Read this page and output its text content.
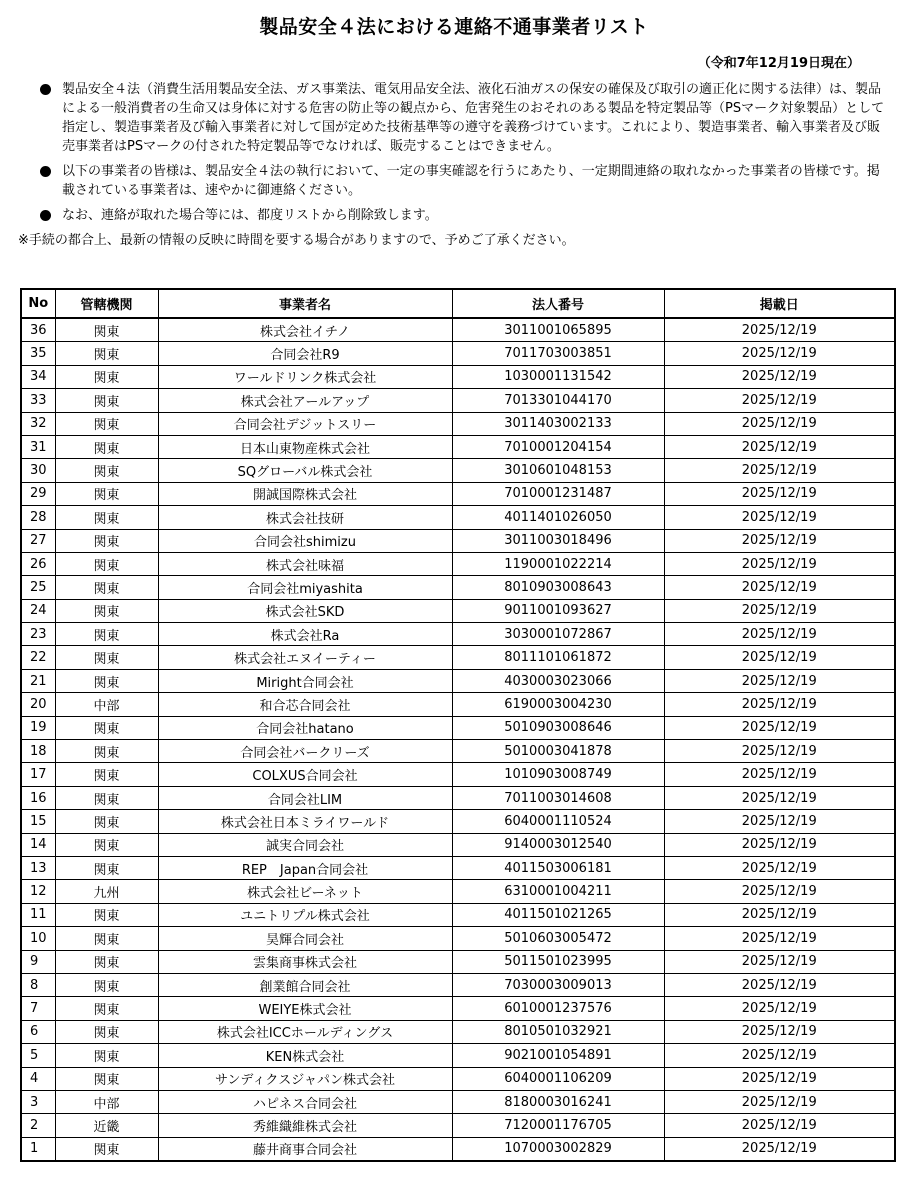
製品安全４法における連絡不通事業者リスト
（令和7年12月19日現在）

製品安全４法（消費生活用製品安全法、ガス事業法、電気用品安全法、液化石油ガスの保安の確保及び取引の適正化に関する法律）は、製品による一般消費者の生命又は身体に対する危害の防止等の観点から、危害発生のおそれのある製品を特定製品等（PSマーク対象製品）として指定し、製造事業者及び輸入事業者に対して国が定めた技術基準等の遵守を義務づけています。これにより、製造事業者、輸入事業者及び販売事業者はPSマークの付された特定製品等でなければ、販売することはできません。

以下の事業者の皆様は、製品安全４法の執行において、一定の事実確認を行うにあたり、一定期間連絡の取れなかった事業者の皆様です。掲載されている事業者は、速やかに御連絡ください。

なお、連絡が取れた場合等には、都度リストから削除致します。

※手続の都合上、最新の情報の反映に時間を要する場合がありますので、予めご了承ください。

No	管轄機関	事業者名	法人番号	掲載日
36	関東	株式会社イチノ	3011001065895	2025/12/19
35	関東	合同会社R9	7011703003851	2025/12/19
34	関東	ワールドリンク株式会社	1030001131542	2025/12/19
33	関東	株式会社アールアップ	7013301044170	2025/12/19
32	関東	合同会社デジットスリー	3011403002133	2025/12/19
31	関東	日本山東物産株式会社	7010001204154	2025/12/19
30	関東	SQグローバル株式会社	3010601048153	2025/12/19
29	関東	開誠国際株式会社	7010001231487	2025/12/19
28	関東	株式会社技研	4011401026050	2025/12/19
27	関東	合同会社shimizu	3011003018496	2025/12/19
26	関東	株式会社味福	1190001022214	2025/12/19
25	関東	合同会社miyashita	8010903008643	2025/12/19
24	関東	株式会社SKD	9011001093627	2025/12/19
23	関東	株式会社Ra	3030001072867	2025/12/19
22	関東	株式会社エヌイーティー	8011101061872	2025/12/19
21	関東	Miright合同会社	4030003023066	2025/12/19
20	中部	和合芯合同会社	6190003004230	2025/12/19
19	関東	合同会社hatano	5010903008646	2025/12/19
18	関東	合同会社バークリーズ	5010003041878	2025/12/19
17	関東	COLXUS合同会社	1010903008749	2025/12/19
16	関東	合同会社LIM	7011003014608	2025/12/19
15	関東	株式会社日本ミライワールド	6040001110524	2025/12/19
14	関東	誠実合同会社	9140003012540	2025/12/19
13	関東	REP　Japan合同会社	4011503006181	2025/12/19
12	九州	株式会社ビーネット	6310001004211	2025/12/19
11	関東	ユニトリプル株式会社	4011501021265	2025/12/19
10	関東	昊輝合同会社	5010603005472	2025/12/19
9	関東	雲集商事株式会社	5011501023995	2025/12/19
8	関東	創業館合同会社	7030003009013	2025/12/19
7	関東	WEIYE株式会社	6010001237576	2025/12/19
6	関東	株式会社ICCホールディングス	8010501032921	2025/12/19
5	関東	KEN株式会社	9021001054891	2025/12/19
4	関東	サンディクスジャパン株式会社	6040001106209	2025/12/19
3	中部	ハピネス合同会社	8180003016241	2025/12/19
2	近畿	秀維織維株式会社	7120001176705	2025/12/19
1	関東	藤井商事合同会社	1070003002829	2025/12/19
